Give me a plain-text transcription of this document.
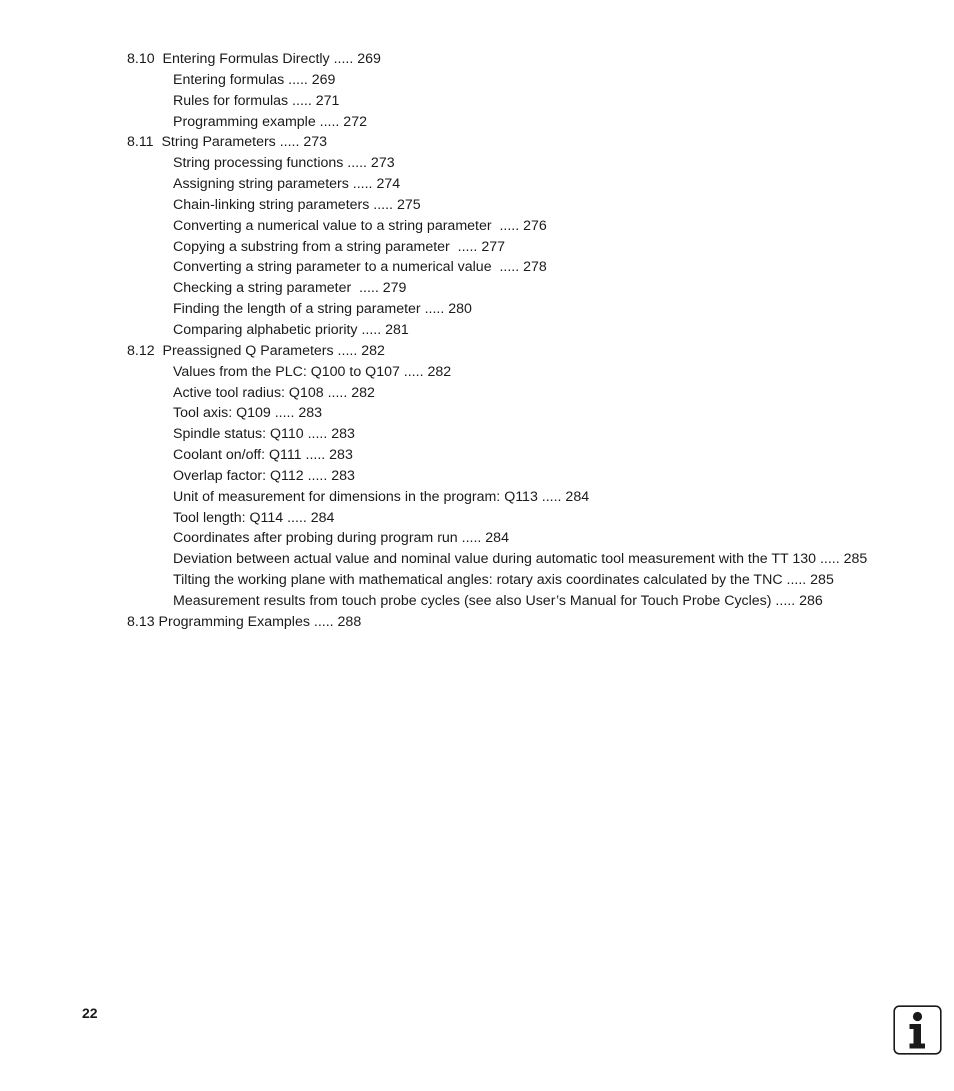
8.10  Entering Formulas Directly ..... 269
Entering formulas ..... 269
Rules for formulas ..... 271
Programming example ..... 272
8.11  String Parameters ..... 273
String processing functions ..... 273
Assigning string parameters ..... 274
Chain-linking string parameters ..... 275
Converting a numerical value to a string parameter  ..... 276
Copying a substring from a string parameter  ..... 277
Converting a string parameter to a numerical value  ..... 278
Checking a string parameter  ..... 279
Finding the length of a string parameter ..... 280
Comparing alphabetic priority ..... 281
8.12  Preassigned Q Parameters ..... 282
Values from the PLC: Q100 to Q107 ..... 282
Active tool radius: Q108 ..... 282
Tool axis: Q109 ..... 283
Spindle status: Q110 ..... 283
Coolant on/off: Q111 ..... 283
Overlap factor: Q112 ..... 283
Unit of measurement for dimensions in the program: Q113 ..... 284
Tool length: Q114 ..... 284
Coordinates after probing during program run ..... 284
Deviation between actual value and nominal value during automatic tool measurement with the TT 130 ..... 285
Tilting the working plane with mathematical angles: rotary axis coordinates calculated by the TNC ..... 285
Measurement results from touch probe cycles (see also User’s Manual for Touch Probe Cycles) ..... 286
8.13 Programming Examples ..... 288
22
